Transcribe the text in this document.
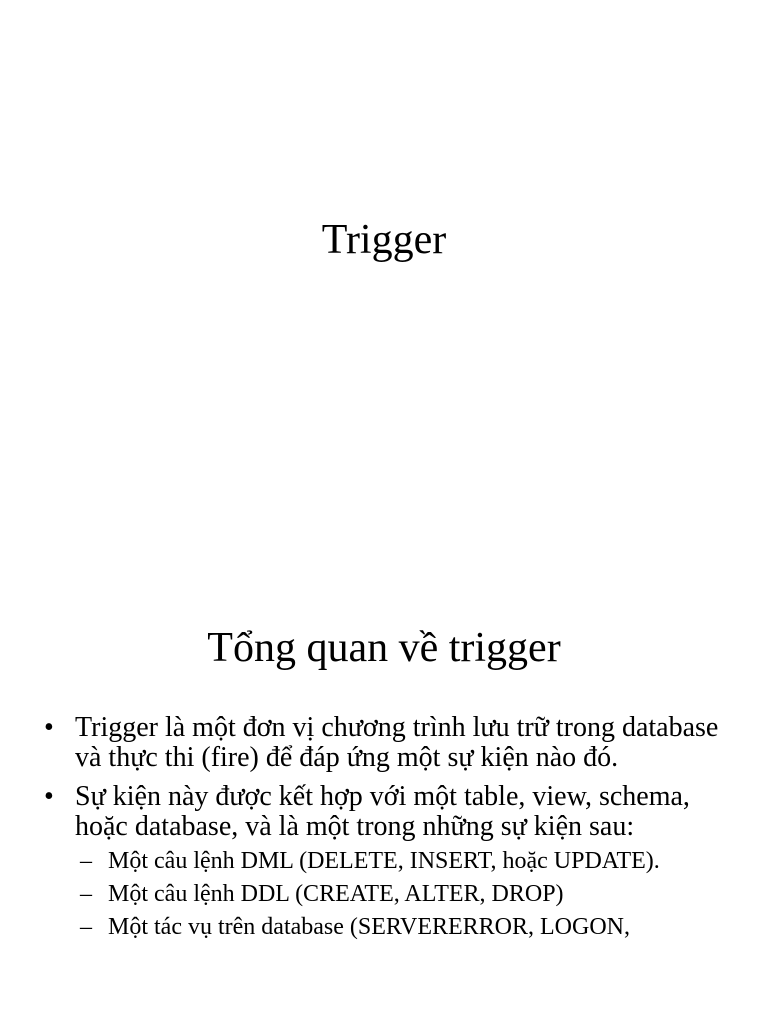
Trigger
Tổng quan về trigger
• Trigger là một đơn vị chương trình lưu trữ trong database và thực thi (fire) để đáp ứng một sự kiện nào đó.
• Sự kiện này được kết hợp với một table, view, schema, hoặc database, và là một trong những sự kiện sau:
– Một câu lệnh DML (DELETE, INSERT, hoặc UPDATE).
– Một câu lệnh DDL (CREATE, ALTER, DROP)
– Một tác vụ trên database (SERVERERROR, LOGON,
